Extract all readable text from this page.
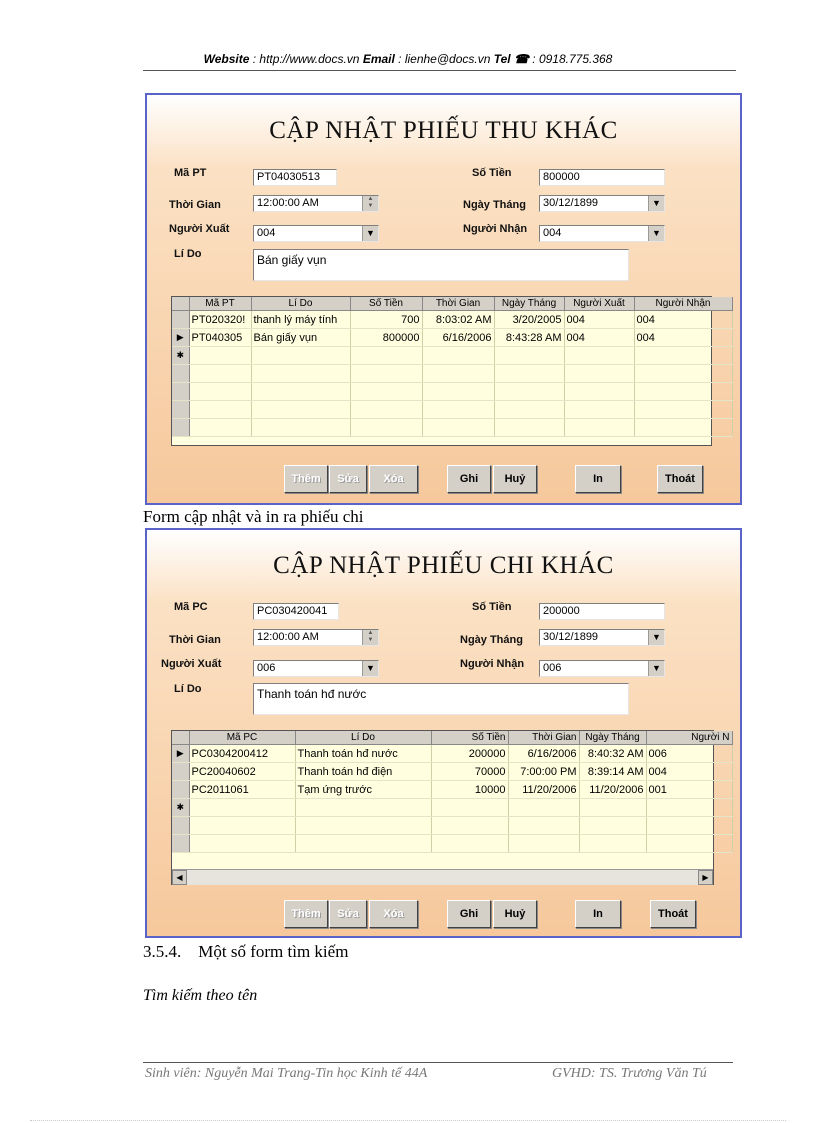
Website : http://www.docs.vn Email : lienhe@docs.vn Tel ☎ : 0918.775.368
CẬP NHẬT PHIẾU THU KHÁC
Mã PT	PT04030513	Số Tiền	800000
Thời Gian	12:00:00 AM	▲
▼	Ngày Tháng	30/12/1899	▼
Người Xuất	004	▼	Người Nhận	004	▼
Lí Do	Bán giấy vụn
	Mã PT	Lí Do	Số Tiền	Thời Gian	Ngày Tháng	Người Xuất	Người Nhận
	PT020320!	thanh lý máy tính	700	8:03:02 AM	3/20/2005	004	004
▶	PT040305	Bán giấy vụn	800000	6/16/2006	8:43:28 AM	004	004
✱							

Thêm	Sửa	Xóa	Ghi	Huỷ	In	Thoát
Form cập nhật và in ra phiếu chi
CẬP NHẬT PHIẾU CHI KHÁC
Mã PC	PC030420041	Số Tiền	200000
Thời Gian	12:00:00 AM	▲
▼	Ngày Tháng	30/12/1899	▼
Người Xuất	006	▼	Người Nhận	006	▼
Lí Do	Thanh toán hđ nước
	Mã PC	Lí Do	Số Tiền	Thời Gian	Ngày Tháng	Người N
▶	PC0304200412	Thanh toán hđ nước	200000	6/16/2006	8:40:32 AM	006
	PC20040602	Thanh toán hđ điện	70000	7:00:00 PM	8:39:14 AM	004
	PC2011061	Tạm ứng trước	10000	11/20/2006	11/20/2006	001
✱						

◀	▶
Thêm	Sửa	Xóa	Ghi	Huỷ	In	Thoát
3.5.4.    Một số form tìm kiếm
Tìm kiếm theo tên
Sinh viên: Nguyễn Mai Trang-Tin học Kinh tế 44A	GVHD: TS. Trương Văn Tú
